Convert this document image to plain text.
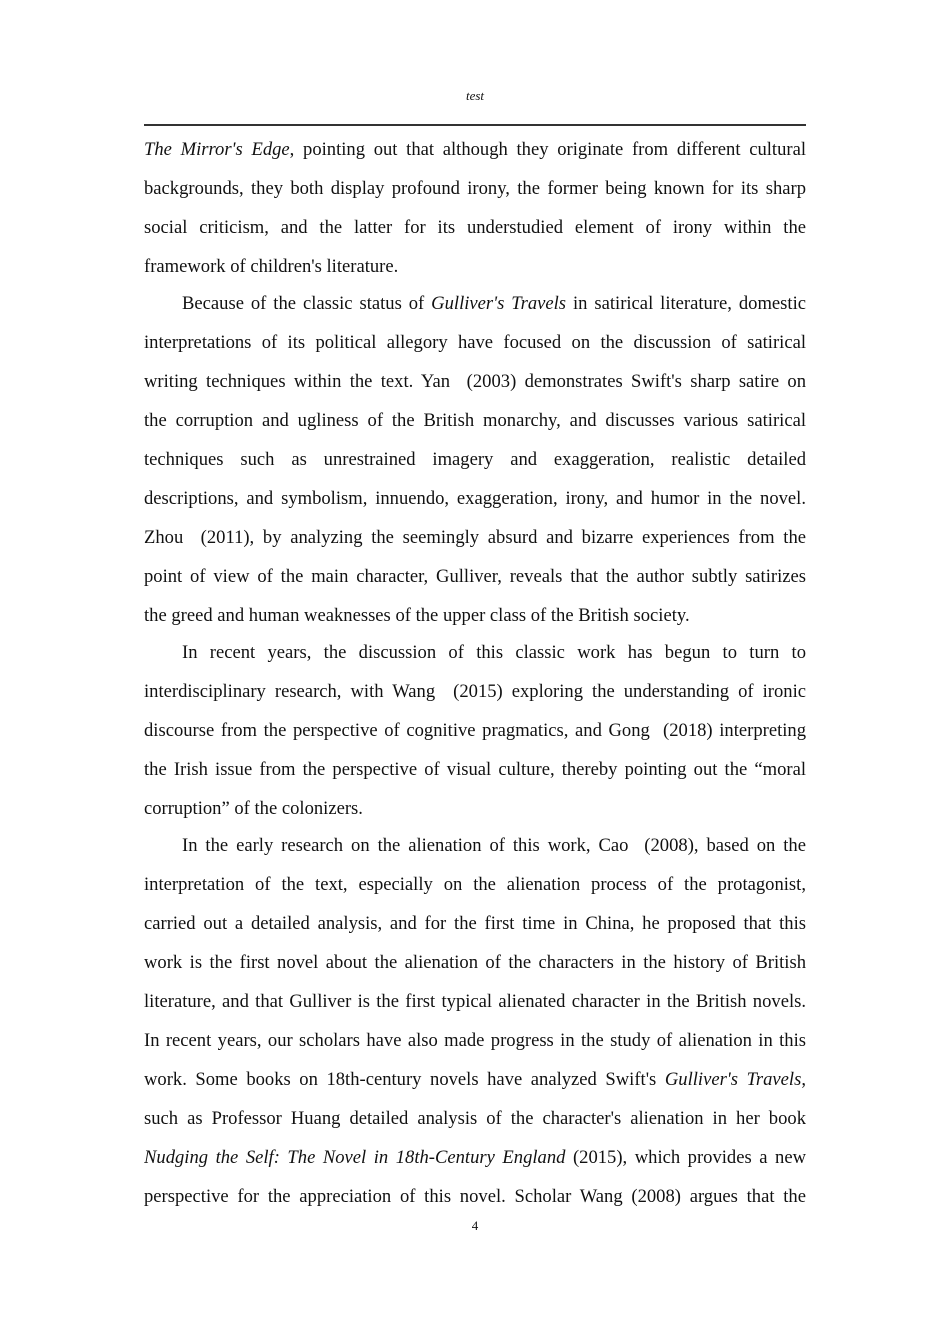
test
The Mirror's Edge, pointing out that although they originate from different cultural
backgrounds, they both display profound irony, the former being known for its sharp
social criticism, and the latter for its understudied element of irony within the
framework of children's literature.
Because of the classic status of Gulliver's Travels in satirical literature, domestic
interpretations of its political allegory have focused on the discussion of satirical
writing techniques within the text. Yan  (2003) demonstrates Swift's sharp satire on
the corruption and ugliness of the British monarchy, and discusses various satirical
techniques such as unrestrained imagery and exaggeration, realistic detailed
descriptions, and symbolism, innuendo, exaggeration, irony, and humor in the novel.
Zhou  (2011), by analyzing the seemingly absurd and bizarre experiences from the
point of view of the main character, Gulliver, reveals that the author subtly satirizes
the greed and human weaknesses of the upper class of the British society.
In recent years, the discussion of this classic work has begun to turn to
interdisciplinary research, with Wang  (2015) exploring the understanding of ironic
discourse from the perspective of cognitive pragmatics, and Gong  (2018) interpreting
the Irish issue from the perspective of visual culture, thereby pointing out the “moral
corruption” of the colonizers.
In the early research on the alienation of this work, Cao  (2008), based on the
interpretation of the text, especially on the alienation process of the protagonist,
carried out a detailed analysis, and for the first time in China, he proposed that this
work is the first novel about the alienation of the characters in the history of British
literature, and that Gulliver is the first typical alienated character in the British novels.
In recent years, our scholars have also made progress in the study of alienation in this
work. Some books on 18th-century novels have analyzed Swift's Gulliver's Travels,
such as Professor Huang detailed analysis of the character's alienation in her book
Nudging the Self: The Novel in 18th-Century England (2015), which provides a new
perspective for the appreciation of this novel. Scholar Wang (2008) argues that the
4
